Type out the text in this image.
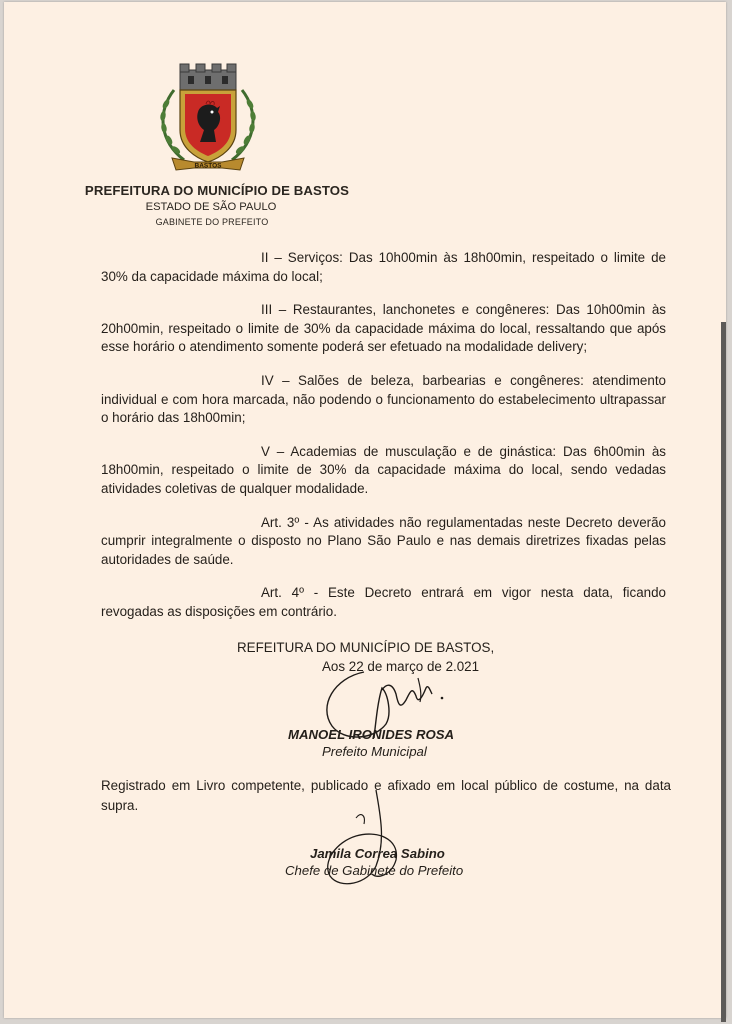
BASTOS
PREFEITURA DO MUNICÍPIO DE BASTOS
ESTADO DE SÃO PAULO
GABINETE DO PREFEITO

II – Serviços: Das 10h00min às 18h00min, respeitado o limite de 30% da capacidade máxima do local;

III – Restaurantes, lanchonetes e congêneres: Das 10h00min às 20h00min, respeitado o limite de 30% da capacidade máxima do local, ressaltando que após esse horário o atendimento somente poderá ser efetuado na modalidade delivery;

IV – Salões de beleza, barbearias e congêneres: atendimento individual e com hora marcada, não podendo o funcionamento do estabelecimento ultrapassar o horário das 18h00min;

V – Academias de musculação e de ginástica: Das 6h00min às 18h00min, respeitado o limite de 30% da capacidade máxima do local, sendo vedadas atividades coletivas de qualquer modalidade.

Art. 3º - As atividades não regulamentadas neste Decreto deverão cumprir integralmente o disposto no Plano São Paulo e nas demais diretrizes fixadas pelas autoridades de saúde.

Art. 4º - Este Decreto entrará em vigor nesta data, ficando revogadas as disposições em contrário.

REFEITURA DO MUNICÍPIO DE BASTOS,
Aos 22 de março de 2.021
MANOEL IRONIDES ROSA
Prefeito Municipal
Registrado em Livro competente, publicado e afixado em local público de costume, na data supra.
Jamila Correa Sabino
Chefe de Gabinete do Prefeito
